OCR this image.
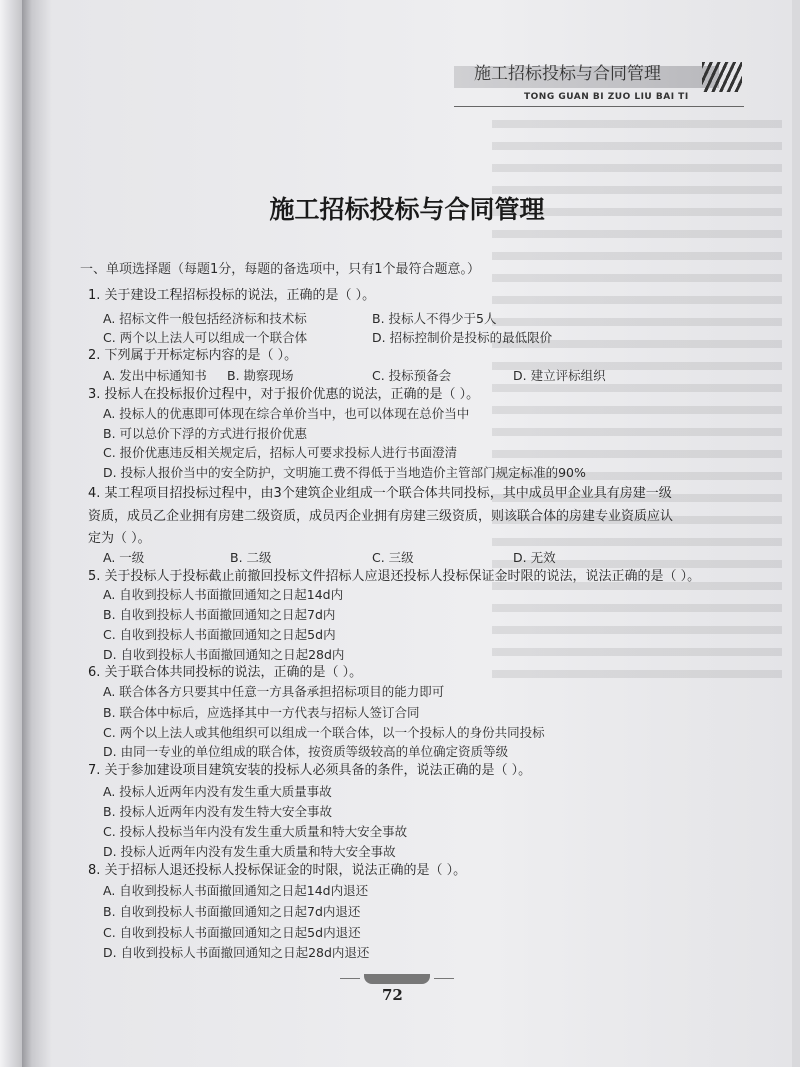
施工招标投标与合同管理
TONG GUAN BI ZUO LIU BAI TI
施工招标投标与合同管理
一、单项选择题（每题1分，每题的备选项中，只有1个最符合题意。）
1. 关于建设工程招标投标的说法，正确的是（ ）。
A. 招标文件一般包括经济标和技术标	B. 投标人不得少于5人
C. 两个以上法人可以组成一个联合体	D. 招标控制价是投标的最低限价
2. 下列属于开标定标内容的是（ ）。
A. 发出中标通知书 B. 勘察现场	C. 投标预备会	D. 建立评标组织
3. 投标人在投标报价过程中，对于报价优惠的说法，正确的是（ ）。
A. 投标人的优惠即可体现在综合单价当中，也可以体现在总价当中
B. 可以总价下浮的方式进行报价优惠
C. 报价优惠违反相关规定后，招标人可要求投标人进行书面澄清
D. 投标人报价当中的安全防护，文明施工费不得低于当地造价主管部门规定标准的90%
4. 某工程项目招投标过程中，由3个建筑企业组成一个联合体共同投标，其中成员甲企业具有房建一级
资质，成员乙企业拥有房建二级资质，成员丙企业拥有房建三级资质，则该联合体的房建专业资质应认
定为（ ）。
A. 一级	B. 二级	C. 三级	D. 无效
5. 关于投标人于投标截止前撤回投标文件招标人应退还投标人投标保证金时限的说法，说法正确的是（ ）。
A. 自收到投标人书面撤回通知之日起14d内
B. 自收到投标人书面撤回通知之日起7d内
C. 自收到投标人书面撤回通知之日起5d内
D. 自收到投标人书面撤回通知之日起28d内
6. 关于联合体共同投标的说法，正确的是（ ）。
A. 联合体各方只要其中任意一方具备承担招标项目的能力即可
B. 联合体中标后，应选择其中一方代表与招标人签订合同
C. 两个以上法人或其他组织可以组成一个联合体，以一个投标人的身份共同投标
D. 由同一专业的单位组成的联合体，按资质等级较高的单位确定资质等级
7. 关于参加建设项目建筑安装的投标人必须具备的条件，说法正确的是（ ）。
A. 投标人近两年内没有发生重大质量事故
B. 投标人近两年内没有发生特大安全事故
C. 投标人投标当年内没有发生重大质量和特大安全事故
D. 投标人近两年内没有发生重大质量和特大安全事故
8. 关于招标人退还投标人投标保证金的时限，说法正确的是（ ）。
A. 自收到投标人书面撤回通知之日起14d内退还
B. 自收到投标人书面撤回通知之日起7d内退还
C. 自收到投标人书面撤回通知之日起5d内退还
D. 自收到投标人书面撤回通知之日起28d内退还
72
